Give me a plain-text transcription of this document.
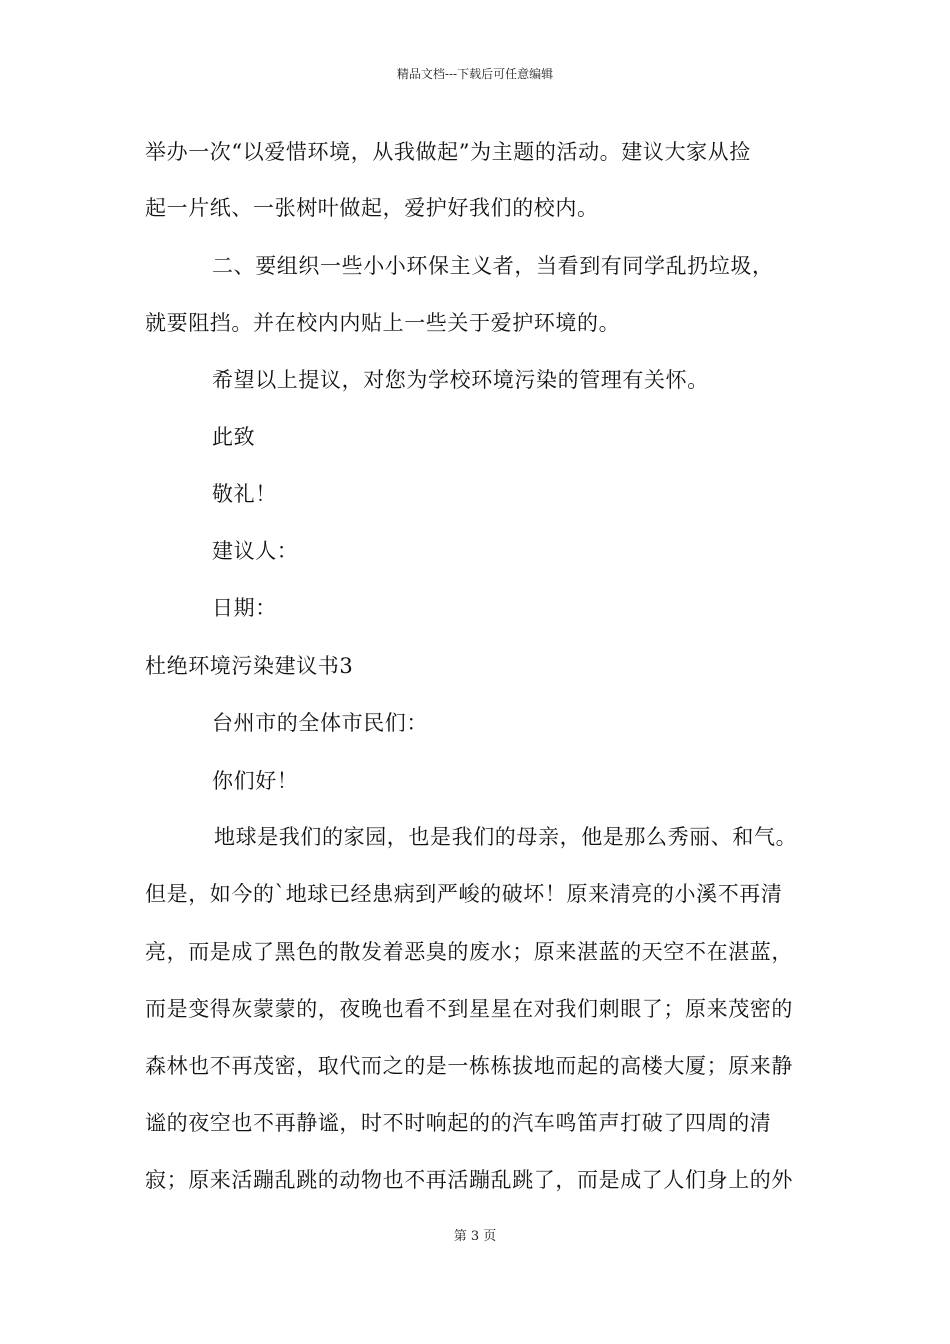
精品文档---下载后可任意编辑
举办一次“以爱惜环境，从我做起”为主题的活动。建议大家从捡
起一片纸、一张树叶做起，爱护好我们的校内。
二、要组织一些小小环保主义者，当看到有同学乱扔垃圾，
就要阻挡。并在校内内贴上一些关于爱护环境的。
希望以上提议，对您为学校环境污染的管理有关怀。
此致
敬礼！
建议人：
日期：
杜绝环境污染建议书3
台州市的全体市民们：
你们好！
地球是我们的家园，也是我们的母亲，他是那么秀丽、和气。
但是，如今的`地球已经患病到严峻的破坏！原来清亮的小溪不再清
亮，而是成了黑色的散发着恶臭的废水；原来湛蓝的天空不在湛蓝，
而是变得灰蒙蒙的，夜晚也看不到星星在对我们刺眼了；原来茂密的
森林也不再茂密，取代而之的是一栋栋拔地而起的高楼大厦；原来静
谧的夜空也不再静谧，时不时响起的的汽车鸣笛声打破了四周的清
寂；原来活蹦乱跳的动物也不再活蹦乱跳了，而是成了人们身上的外
第 3 页
